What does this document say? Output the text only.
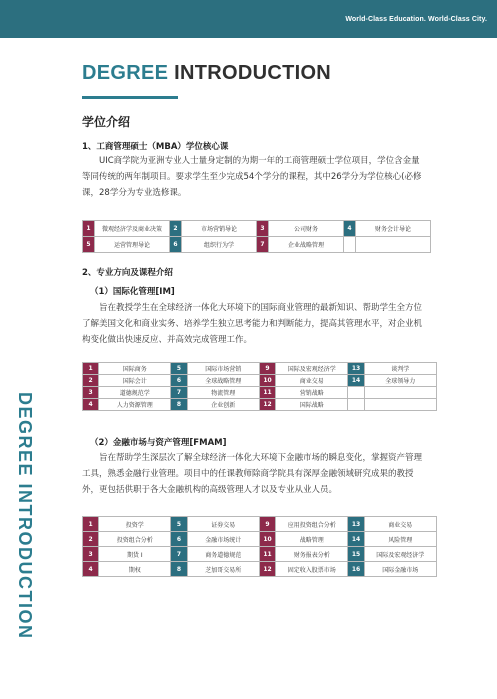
World-Class Education. World-Class City.
DEGREE INTRODUCTION
DEGREE INTRODUCTION
学位介绍
1、工商管理硕士（MBA）学位核心课
UIC商学院为亚洲专业人士量身定制的为期一年的工商管理硕士学位项目，学位含金量等同传统的两年制项目。要求学生至少完成54个学分的课程，其中26学分为学位核心(必修课，28学分为专业选修课。
1	微观经济学及商业决策	2	市场营销导论	3	公司财务	4	财务会计导论
5	运营管理导论	6	组织行为学	7	企业战略管理		
2、专业方向及课程介绍
（1）国际化管理[IM]
旨在教授学生在全球经济一体化大环境下的国际商业管理的最新知识、帮助学生全方位了解美国文化和商业实务、培养学生独立思考能力和判断能力，提高其管理水平，对企业机构变化做出快速反应、并高效完成管理工作。
1	国际商务	5	国际市场营销	9	国际及宏观经济学	13	谈判学
2	国际会计	6	全球战略管理	10	商业交易	14	全球领导力
3	道德规范学	7	物流管理	11	营销战略		
4	人力资源管理	8	企业创新	12	国际战略		
（2）金融市场与资产管理[FMAM]
旨在帮助学生深层次了解全球经济一体化大环境下金融市场的瞬息变化，掌握资产管理工具，熟悉金融行业管理。项目中的任课教师除商学院具有深厚金融领域研究成果的教授外，更包括供职于各大金融机构的高级管理人才以及专业从业人员。
1	投资学	5	证券交易	9	应用投资组合分析	13	商业交易
2	投资组合分析	6	金融市场统计	10	战略管理	14	风险管理
3	期货 I	7	商务道德规范	11	财务报表分析	15	国际及宏观经济学
4	期权	8	芝加哥交易所	12	固定收入股票市场	16	国际金融市场
